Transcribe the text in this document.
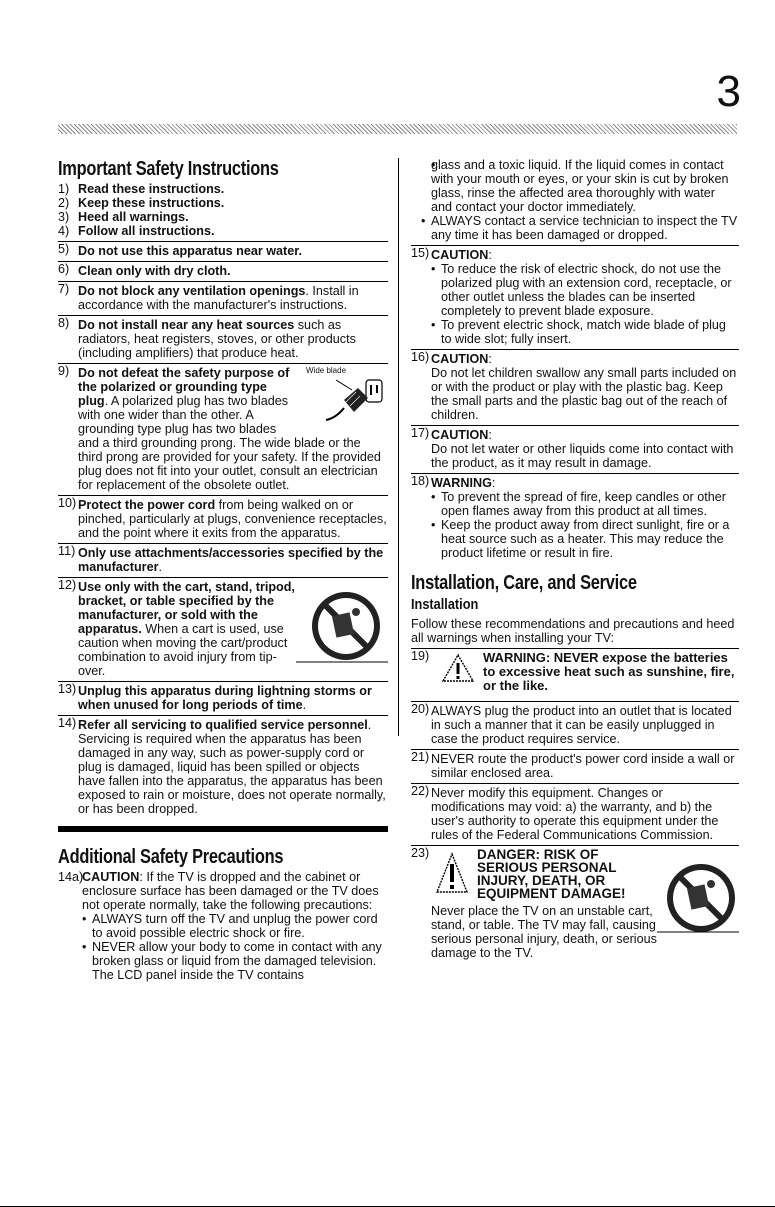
3
Important Safety Instructions
1) Read these instructions.
2) Keep these instructions.
3) Heed all warnings.
4) Follow all instructions.
5) Do not use this apparatus near water.
6) Clean only with dry cloth.
7) Do not block any ventilation openings. Install in accordance with the manufacturer's instructions.
8) Do not install near any heat sources such as radiators, heat registers, stoves, or other products (including amplifiers) that produce heat.
9)	Wide blade
Do not defeat the safety purpose of the polarized or grounding type plug. A polarized plug has two blades with one wider than the other. A grounding type plug has two blades and a third grounding prong. The wide blade or the third prong are provided for your safety. If the provided plug does not fit into your outlet, consult an electrician for replacement of the obsolete outlet.
10) Protect the power cord from being walked on or pinched, particularly at plugs, convenience receptacles, and the point where it exits from the apparatus.
11) Only use attachments/accessories specified by the manufacturer.
12) Use only with the cart, stand, tripod, bracket, or table specified by the manufacturer, or sold with the apparatus. When a cart is used, use caution when moving the cart/product combination to avoid injury from tip-over.
13) Unplug this apparatus during lightning storms or when unused for long periods of time.
14) Refer all servicing to qualified service personnel. Servicing is required when the apparatus has been damaged in any way, such as power-supply cord or plug is damaged, liquid has been spilled or objects have fallen into the apparatus, the apparatus has been exposed to rain or moisture, does not operate normally, or has been dropped.
Additional Safety Precautions
14a)
CAUTION: If the TV is dropped and the cabinet or enclosure surface has been damaged or the TV does not operate normally, take the following precautions:
• ALWAYS turn off the TV and unplug the power cord to avoid possible electric shock or fire.
• NEVER allow your body to come in contact with any broken glass or liquid from the damaged television. The LCD panel inside the TV contains
• glass and a toxic liquid. If the liquid comes in contact with your mouth or eyes, or your skin is cut by broken glass, rinse the affected area thoroughly with water and contact your doctor immediately.
• ALWAYS contact a service technician to inspect the TV any time it has been damaged or dropped.
15) CAUTION:
• To reduce the risk of electric shock, do not use the polarized plug with an extension cord, receptacle, or other outlet unless the blades can be inserted completely to prevent blade exposure.
• To prevent electric shock, match wide blade of plug to wide slot; fully insert.
16) CAUTION:
Do not let children swallow any small parts included on or with the product or play with the plastic bag. Keep the small parts and the plastic bag out of the reach of children.
17) CAUTION:
Do not let water or other liquids come into contact with the product, as it may result in damage.
18) WARNING:
• To prevent the spread of fire, keep candles or other open flames away from this product at all times.
• Keep the product away from direct sunlight, fire or a heat source such as a heater. This may reduce the product lifetime or result in fire.
Installation, Care, and Service
Installation
Follow these recommendations and precautions and heed all warnings when installing your TV:
19)	WARNING: NEVER expose the batteries to excessive heat such as sunshine, fire, or the like.
20) ALWAYS plug the product into an outlet that is located in such a manner that it can be easily unplugged in case the product requires service.
21) NEVER route the product's power cord inside a wall or similar enclosed area.
22) Never modify this equipment. Changes or modifications may void: a) the warranty, and b) the user's authority to operate this equipment under the rules of the Federal Communications Commission.
23)	DANGER: RISK OF SERIOUS PERSONAL INJURY, DEATH, OR EQUIPMENT DAMAGE!
Never place the TV on an unstable cart, stand, or table. The TV may fall, causing serious personal injury, death, or serious damage to the TV.
